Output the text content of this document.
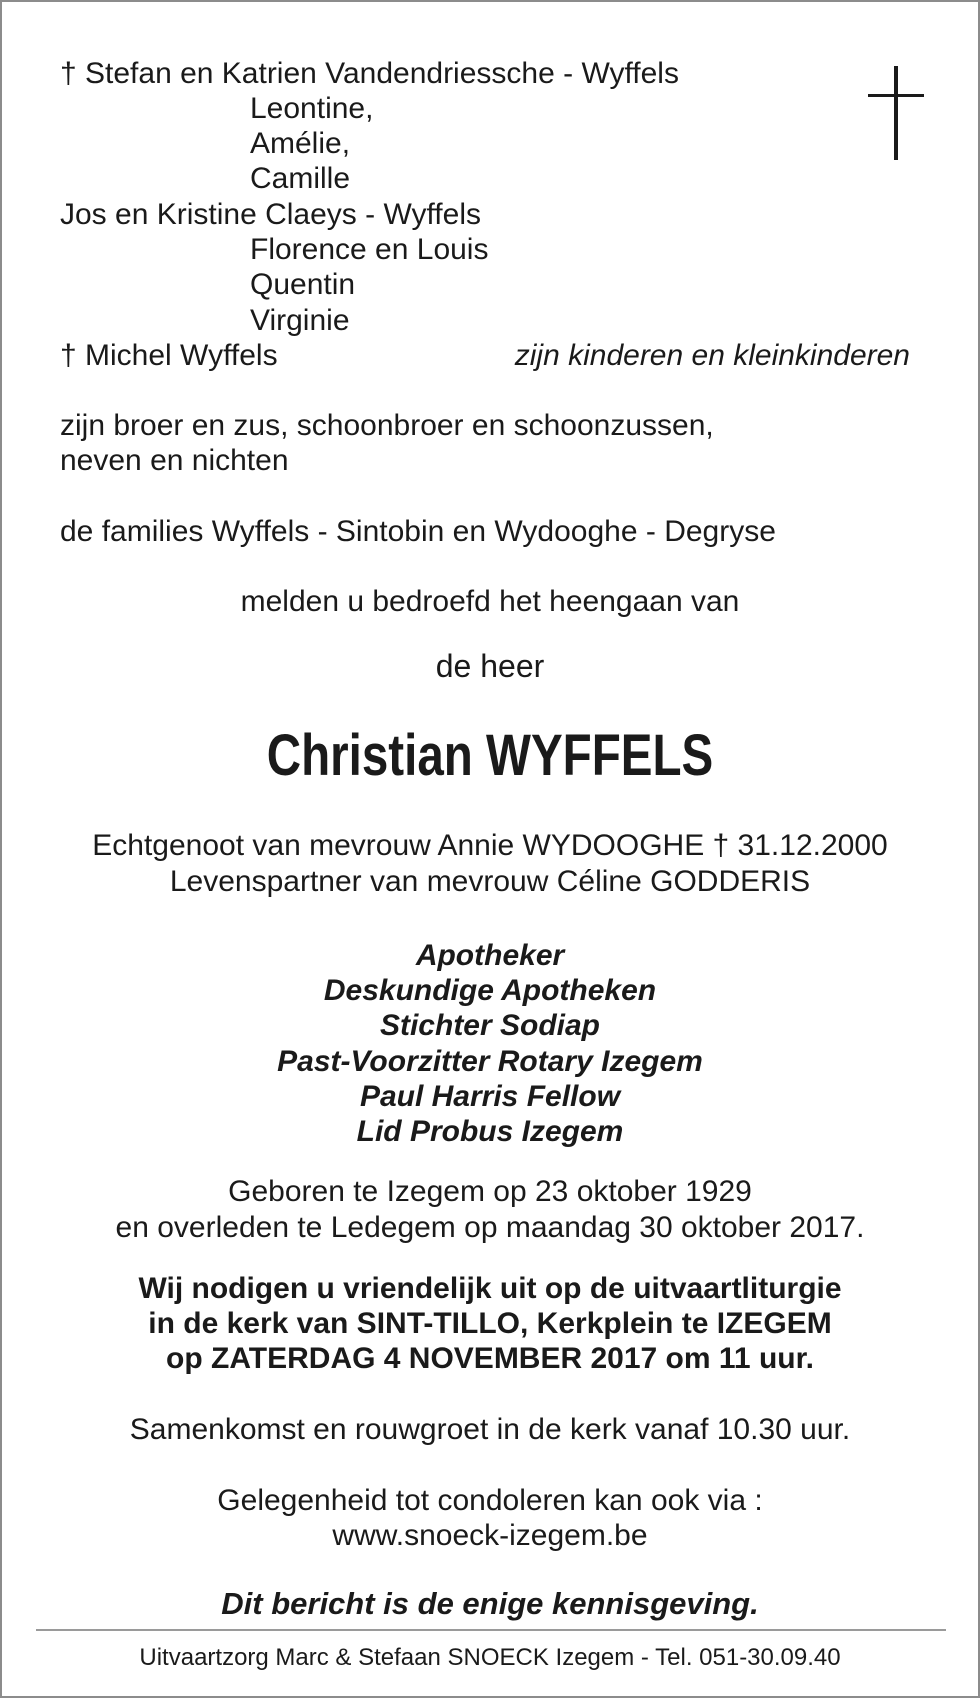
† Stefan en Katrien Vandendriessche - Wyffels
Leontine,
Amélie,
Camille
Jos en Kristine Claeys - Wyffels
Florence en Louis
Quentin
Virginie
† Michel Wyffels	zijn kinderen en kleinkinderen
zijn broer en zus, schoonbroer en schoonzussen,
neven en nichten
de families Wyffels - Sintobin en Wydooghe - Degryse
melden u bedroefd het heengaan van
de heer
Christian WYFFELS
Echtgenoot van mevrouw Annie WYDOOGHE † 31.12.2000
Levenspartner van mevrouw Céline GODDERIS
Apotheker
Deskundige Apotheken
Stichter Sodiap
Past-Voorzitter Rotary Izegem
Paul Harris Fellow
Lid Probus Izegem
Geboren te Izegem op 23 oktober 1929
en overleden te Ledegem op maandag 30 oktober 2017.
Wij nodigen u vriendelijk uit op de uitvaartliturgie
in de kerk van SINT-TILLO, Kerkplein te IZEGEM
op ZATERDAG 4 NOVEMBER 2017 om 11 uur.
Samenkomst en rouwgroet in de kerk vanaf 10.30 uur.
Gelegenheid tot condoleren kan ook via :
www.snoeck-izegem.be
Dit bericht is de enige kennisgeving.
Uitvaartzorg Marc & Stefaan SNOECK Izegem - Tel. 051-30.09.40
